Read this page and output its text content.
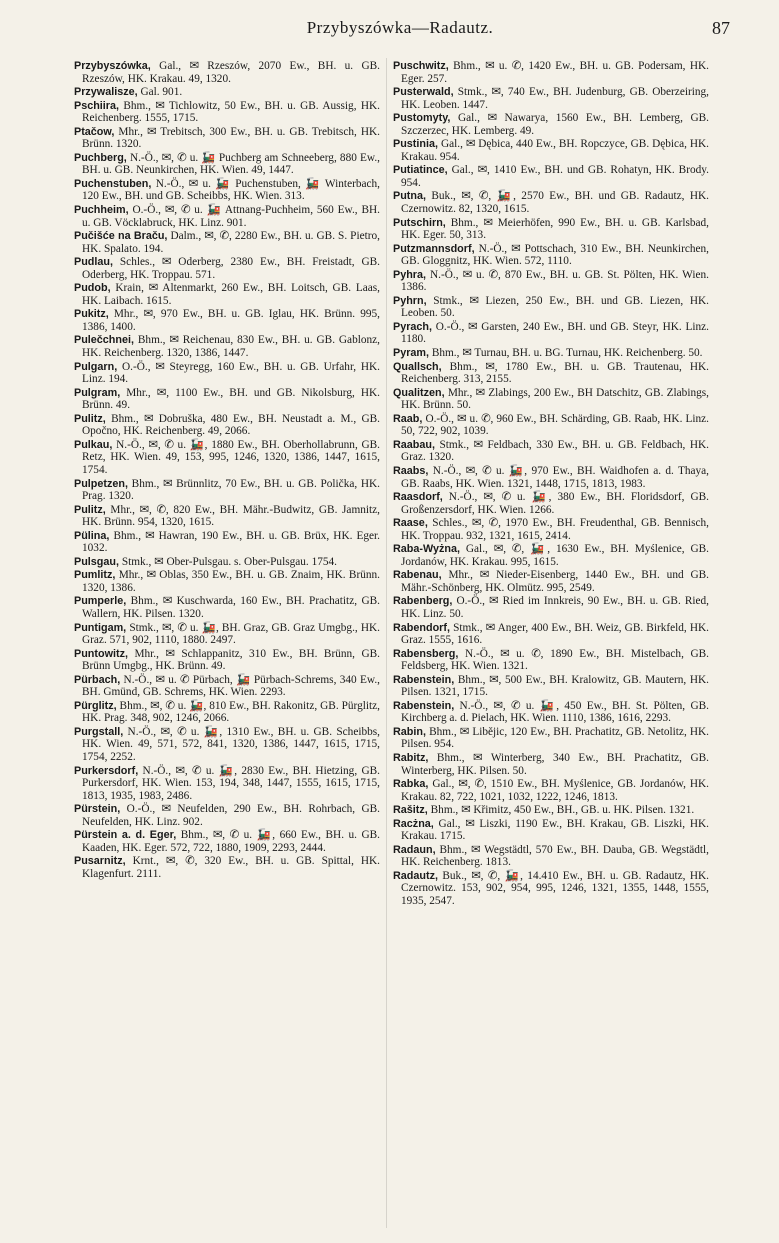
Przybyszówka—Radautz.	87

Przybyszówka, Gal., ✉ Rzeszów, 2070 Ew., BH. u. GB. Rzeszów, HK. Krakau. 49, 1320.

Przywalisze, Gal. 901.

Pschiira, Bhm., ✉ Tichlowitz, 50 Ew., BH. u. GB. Aussig, HK. Reichenberg. 1555, 1715.

Ptačow, Mhr., ✉ Trebitsch, 300 Ew., BH. u. GB. Trebitsch, HK. Brünn. 1320.

Puchberg, N.-Ö., ✉, ✆ u. 🚂 Puchberg am Schneeberg, 880 Ew., BH. u. GB. Neunkirchen, HK. Wien. 49, 1447.

Puchenstuben, N.-Ö., ✉ u. 🚂 Puchenstuben, 🚂 Winterbach, 120 Ew., BH. und GB. Scheibbs, HK. Wien. 313.

Puchheim, O.-Ö., ✉, ✆ u. 🚂 Attnang-Puchheim, 560 Ew., BH. u. GB. Vöcklabruck, HK. Linz. 901.

Pučišće na Braču, Dalm., ✉, ✆, 2280 Ew., BH. u. GB. S. Pietro, HK. Spalato. 194.

Pudlau, Schles., ✉ Oderberg, 2380 Ew., BH. Freistadt, GB. Oderberg, HK. Troppau. 571.

Pudob, Krain, ✉ Altenmarkt, 260 Ew., BH. Loitsch, GB. Laas, HK. Laibach. 1615.

Pukitz, Mhr., ✉, 970 Ew., BH. u. GB. Iglau, HK. Brünn. 995, 1386, 1400.

Pulečchnei, Bhm., ✉ Reichenau, 830 Ew., BH. u. GB. Gablonz, HK. Reichenberg. 1320, 1386, 1447.

Pulgarn, O.-Ö., ✉ Steyregg, 160 Ew., BH. u. GB. Urfahr, HK. Linz. 194.

Pulgram, Mhr., ✉, 1100 Ew., BH. und GB. Nikolsburg, HK. Brünn. 49.

Pulitz, Bhm., ✉ Dobruška, 480 Ew., BH. Neustadt a. M., GB. Opočno, HK. Reichenberg. 49, 2066.

Pulkau, N.-Ö., ✉, ✆ u. 🚂, 1880 Ew., BH. Oberhollabrunn, GB. Retz, HK. Wien. 49, 153, 995, 1246, 1320, 1386, 1447, 1615, 1754.

Pulpetzen, Bhm., ✉ Brünnlitz, 70 Ew., BH. u. GB. Polička, HK. Prag. 1320.

Pulitz, Mhr., ✉, ✆, 820 Ew., BH. Mähr.-Budwitz, GB. Jamnitz, HK. Brünn. 954, 1320, 1615.

Pülina, Bhm., ✉ Hawran, 190 Ew., BH. u. GB. Brüx, HK. Eger. 1032.

Pulsgau, Stmk., ✉ Ober-Pulsgau. s. Ober-Pulsgau. 1754.

Pumlitz, Mhr., ✉ Oblas, 350 Ew., BH. u. GB. Znaim, HK. Brünn. 1320, 1386.

Pumperle, Bhm., ✉ Kuschwarda, 160 Ew., BH. Prachatitz, GB. Wallern, HK. Pilsen. 1320.

Puntigam, Stmk., ✉, ✆ u. 🚂, BH. Graz, GB. Graz Umgbg., HK. Graz. 571, 902, 1110, 1880. 2497.

Puntowitz, Mhr., ✉ Schlappanitz, 310 Ew., BH. Brünn, GB. Brünn Umgbg., HK. Brünn. 49.

Pürbach, N.-Ö., ✉ u. ✆ Pürbach, 🚂 Pürbach-Schrems, 340 Ew., BH. Gmünd, GB. Schrems, HK. Wien. 2293.

Pürglitz, Bhm., ✉, ✆ u. 🚂, 810 Ew., BH. Rakonitz, GB. Pürglitz, HK. Prag. 348, 902, 1246, 2066.

Purgstall, N.-Ö., ✉, ✆ u. 🚂, 1310 Ew., BH. u. GB. Scheibbs, HK. Wien. 49, 571, 572, 841, 1320, 1386, 1447, 1615, 1715, 1754, 2252.

Purkersdorf, N.-Ö., ✉, ✆ u. 🚂, 2830 Ew., BH. Hietzing, GB. Purkersdorf, HK. Wien. 153, 194, 348, 1447, 1555, 1615, 1715, 1813, 1935, 1983, 2486.

Pürstein, O.-Ö., ✉ Neufelden, 290 Ew., BH. Rohrbach, GB. Neufelden, HK. Linz. 902.

Pürstein a. d. Eger, Bhm., ✉, ✆ u. 🚂, 660 Ew., BH. u. GB. Kaaden, HK. Eger. 572, 722, 1880, 1909, 2293, 2444.

Pusarnitz, Krnt., ✉, ✆, 320 Ew., BH. u. GB. Spittal, HK. Klagenfurt. 2111.

Puschwitz, Bhm., ✉ u. ✆, 1420 Ew., BH. u. GB. Podersam, HK. Eger. 257.

Pusterwald, Stmk., ✉, 740 Ew., BH. Judenburg, GB. Oberzeiring, HK. Leoben. 1447.

Pustomyty, Gal., ✉ Nawarya, 1560 Ew., BH. Lemberg, GB. Szczerzec, HK. Lemberg. 49.

Pustinia, Gal., ✉ Dębica, 440 Ew., BH. Ropczyce, GB. Dębica, HK. Krakau. 954.

Putiatince, Gal., ✉, 1410 Ew., BH. und GB. Rohatyn, HK. Brody. 954.

Putna, Buk., ✉, ✆, 🚂, 2570 Ew., BH. und GB. Radautz, HK. Czernowitz. 82, 1320, 1615.

Putschirn, Bhm., ✉ Meierhöfen, 990 Ew., BH. u. GB. Karlsbad, HK. Eger. 50, 313.

Putzmannsdorf, N.-Ö., ✉ Pottschach, 310 Ew., BH. Neunkirchen, GB. Gloggnitz, HK. Wien. 572, 1110.

Pyhra, N.-Ö., ✉ u. ✆, 870 Ew., BH. u. GB. St. Pölten, HK. Wien. 1386.

Pyhrn, Stmk., ✉ Liezen, 250 Ew., BH. und GB. Liezen, HK. Leoben. 50.

Pyrach, O.-Ö., ✉ Garsten, 240 Ew., BH. und GB. Steyr, HK. Linz. 1180.

Pyram, Bhm., ✉ Turnau, BH. u. BG. Turnau, HK. Reichenberg. 50.

Quallsch, Bhm., ✉, 1780 Ew., BH. u. GB. Trautenau, HK. Reichenberg. 313, 2155.

Qualitzen, Mhr., ✉ Zlabings, 200 Ew., BH Datschitz, GB. Zlabings, HK. Brünn. 50.

Raab, O.-Ö., ✉ u. ✆, 960 Ew., BH. Schärding, GB. Raab, HK. Linz. 50, 722, 902, 1039.

Raabau, Stmk., ✉ Feldbach, 330 Ew., BH. u. GB. Feldbach, HK. Graz. 1320.

Raabs, N.-Ö., ✉, ✆ u. 🚂, 970 Ew., BH. Waidhofen a. d. Thaya, GB. Raabs, HK. Wien. 1321, 1448, 1715, 1813, 1983.

Raasdorf, N.-Ö., ✉, ✆ u. 🚂, 380 Ew., BH. Floridsdorf, GB. Großenzersdorf, HK. Wien. 1266.

Raase, Schles., ✉, ✆, 1970 Ew., BH. Freudenthal, GB. Bennisch, HK. Troppau. 932, 1321, 1615, 2414.

Raba-Wyżna, Gal., ✉, ✆, 🚂, 1630 Ew., BH. Myślenice, GB. Jordanów, HK. Krakau. 995, 1615.

Rabenau, Mhr., ✉ Nieder-Eisenberg, 1440 Ew., BH. und GB. Mähr.-Schönberg, HK. Olmütz. 995, 2549.

Rabenberg, O.-Ö., ✉ Ried im Innkreis, 90 Ew., BH. u. GB. Ried, HK. Linz. 50.

Rabendorf, Stmk., ✉ Anger, 400 Ew., BH. Weiz, GB. Birkfeld, HK. Graz. 1555, 1616.

Rabensberg, N.-Ö., ✉ u. ✆, 1890 Ew., BH. Mistelbach, GB. Feldsberg, HK. Wien. 1321.

Rabenstein, Bhm., ✉, 500 Ew., BH. Kralowitz, GB. Mautern, HK. Pilsen. 1321, 1715.

Rabenstein, N.-Ö., ✉, ✆ u. 🚂, 450 Ew., BH. St. Pölten, GB. Kirchberg a. d. Pielach, HK. Wien. 1110, 1386, 1616, 2293.

Rabin, Bhm., ✉ Libějic, 120 Ew., BH. Prachatitz, GB. Netolitz, HK. Pilsen. 954.

Rabitz, Bhm., ✉ Winterberg, 340 Ew., BH. Prachatitz, GB. Winterberg, HK. Pilsen. 50.

Rabka, Gal., ✉, ✆, 1510 Ew., BH. Myślenice, GB. Jordanów, HK. Krakau. 82, 722, 1021, 1032, 1222, 1246, 1813.

Rašitz, Bhm., ✉ Křimitz, 450 Ew., BH., GB. u. HK. Pilsen. 1321.

Racżna, Gal., ✉ Liszki, 1190 Ew., BH. Krakau, GB. Liszki, HK. Krakau. 1715.

Radaun, Bhm., ✉ Wegstädtl, 570 Ew., BH. Dauba, GB. Wegstädtl, HK. Reichenberg. 1813.

Radautz, Buk., ✉, ✆, 🚂, 14.410 Ew., BH. u. GB. Radautz, HK. Czernowitz. 153, 902, 954, 995, 1246, 1321, 1355, 1448, 1555, 1935, 2547.
